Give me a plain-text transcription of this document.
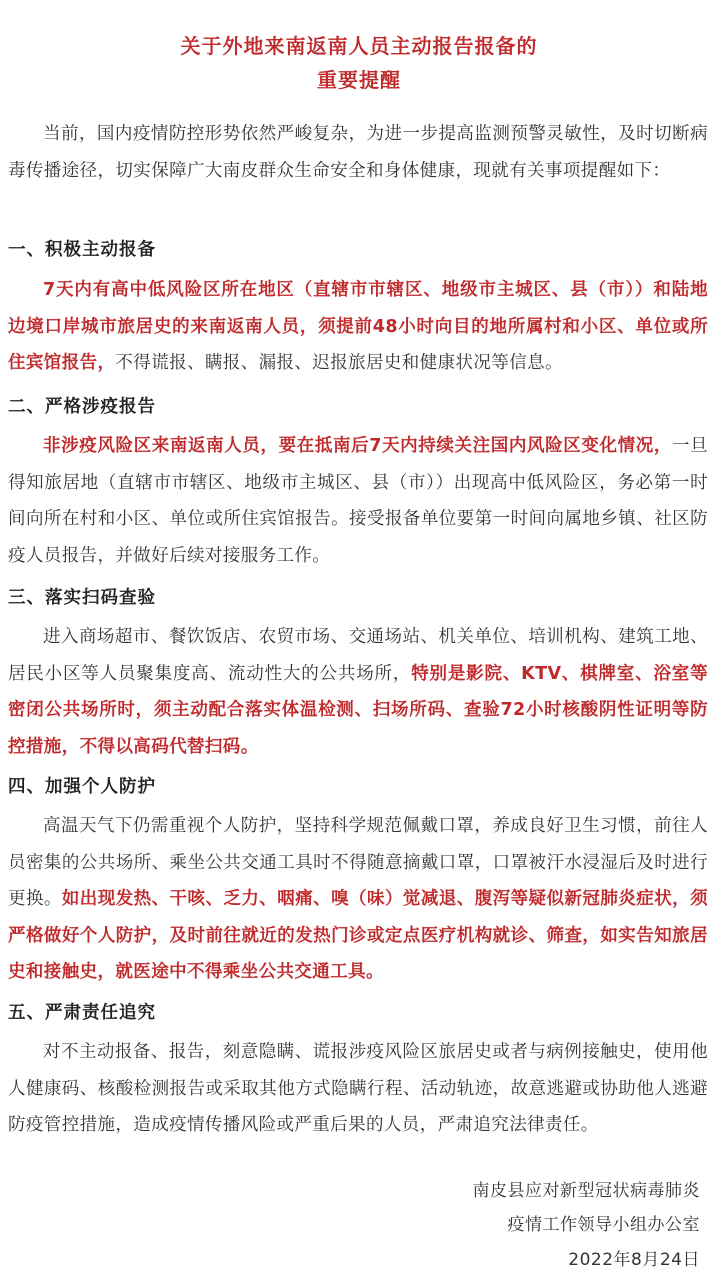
关于外地来南返南人员主动报告报备的
重要提醒

当前，国内疫情防控形势依然严峻复杂，为进一步提高监测预警灵敏性，及时切断病毒传播途径，切实保障广大南皮群众生命安全和身体健康，现就有关事项提醒如下：

一、积极主动报备

7天内有高中低风险区所在地区（直辖市市辖区、地级市主城区、县（市））和陆地边境口岸城市旅居史的来南返南人员，须提前48小时向目的地所属村和小区、单位或所住宾馆报告，不得谎报、瞒报、漏报、迟报旅居史和健康状况等信息。

二、严格涉疫报告

非涉疫风险区来南返南人员，要在抵南后7天内持续关注国内风险区变化情况，一旦得知旅居地（直辖市市辖区、地级市主城区、县（市））出现高中低风险区，务必第一时间向所在村和小区、单位或所住宾馆报告。接受报备单位要第一时间向属地乡镇、社区防疫人员报告，并做好后续对接服务工作。

三、落实扫码查验

进入商场超市、餐饮饭店、农贸市场、交通场站、机关单位、培训机构、建筑工地、居民小区等人员聚集度高、流动性大的公共场所，特别是影院、KTV、棋牌室、浴室等密闭公共场所时，须主动配合落实体温检测、扫场所码、查验72小时核酸阴性证明等防控措施，不得以高码代替扫码。

四、加强个人防护

高温天气下仍需重视个人防护，坚持科学规范佩戴口罩，养成良好卫生习惯，前往人员密集的公共场所、乘坐公共交通工具时不得随意摘戴口罩，口罩被汗水浸湿后及时进行更换。如出现发热、干咳、乏力、咽痛、嗅（味）觉减退、腹泻等疑似新冠肺炎症状，须严格做好个人防护，及时前往就近的发热门诊或定点医疗机构就诊、筛查，如实告知旅居史和接触史，就医途中不得乘坐公共交通工具。

五、严肃责任追究

对不主动报备、报告，刻意隐瞒、谎报涉疫风险区旅居史或者与病例接触史，使用他人健康码、核酸检测报告或采取其他方式隐瞒行程、活动轨迹，故意逃避或协助他人逃避防疫管控措施，造成疫情传播风险或严重后果的人员，严肃追究法律责任。

南皮县应对新型冠状病毒肺炎
疫情工作领导小组办公室
2022年8月24日
